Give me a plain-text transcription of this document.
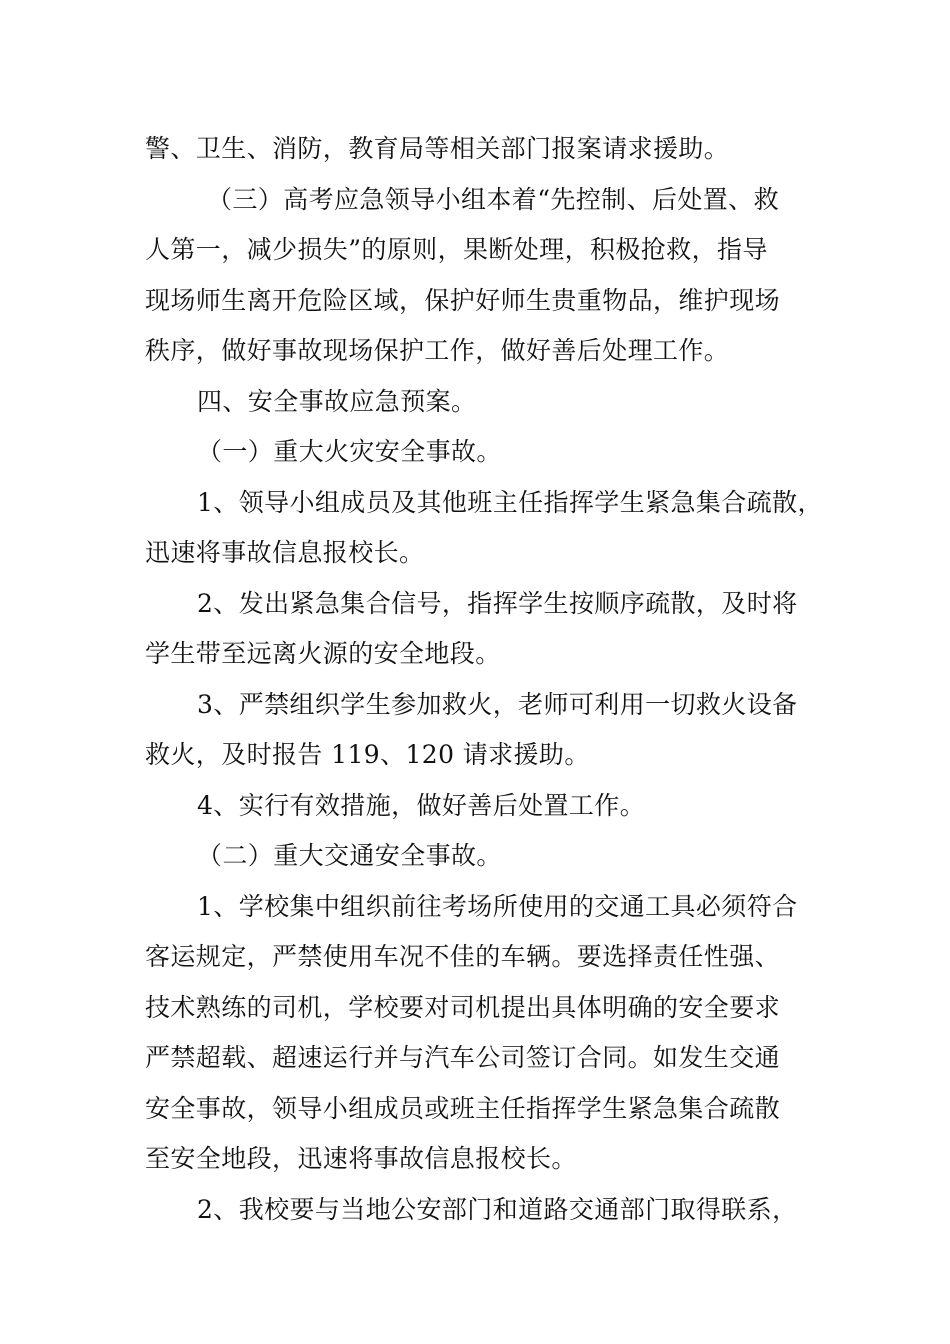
警、卫生、消防，教育局等相关部门报案请求援助。
（三）高考应急领导小组本着“先控制、后处置、救
人第一，减少损失”的原则，果断处理，积极抢救，指导
现场师生离开危险区域，保护好师生贵重物品，维护现场
秩序，做好事故现场保护工作，做好善后处理工作。
四、安全事故应急预案。
（一）重大火灾安全事故。
1、领导小组成员及其他班主任指挥学生紧急集合疏散，
迅速将事故信息报校长。
2、发出紧急集合信号，指挥学生按顺序疏散，及时将
学生带至远离火源的安全地段。
3、严禁组织学生参加救火，老师可利用一切救火设备
救火，及时报告 119、120 请求援助。
4、实行有效措施，做好善后处置工作。
（二）重大交通安全事故。
1、学校集中组织前往考场所使用的交通工具必须符合
客运规定，严禁使用车况不佳的车辆。要选择责任性强、
技术熟练的司机，学校要对司机提出具体明确的安全要求
严禁超载、超速运行并与汽车公司签订合同。如发生交通
安全事故，领导小组成员或班主任指挥学生紧急集合疏散
至安全地段，迅速将事故信息报校长。
2、我校要与当地公安部门和道路交通部门取得联系，
